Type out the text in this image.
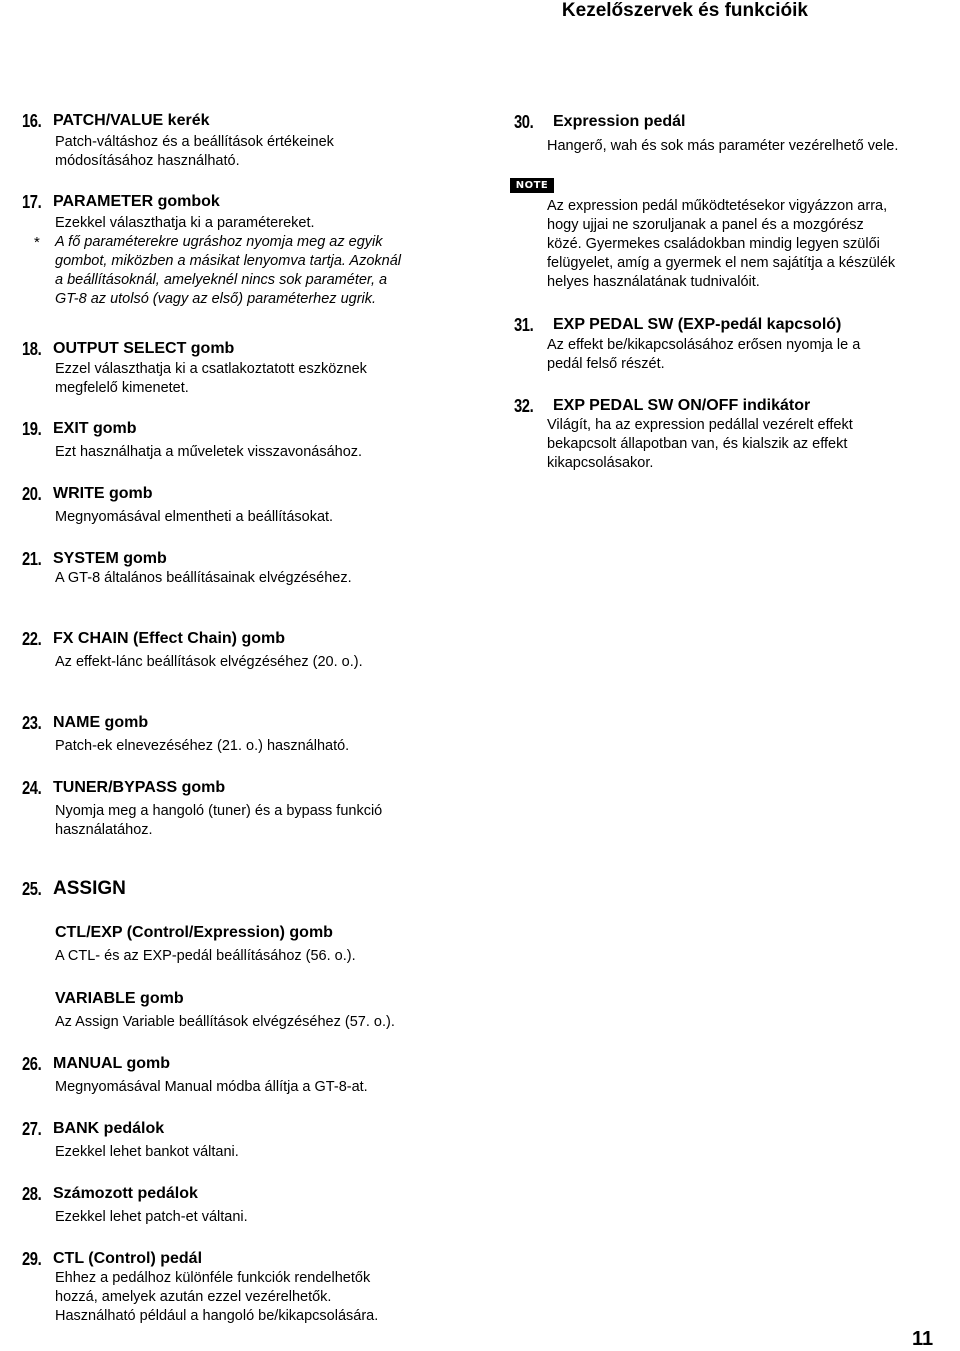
Kezelőszervek és funkcióik
16. PATCH/VALUE kerék
Patch-váltáshoz és a beállítások értékeinek
módosításához használható.
17. PARAMETER gombok
Ezekkel választhatja ki a paramétereket.
* A fő paraméterekre ugráshoz nyomja meg az egyik
gombot, miközben a másikat lenyomva tartja. Azoknál
a beállításoknál, amelyeknél nincs sok paraméter, a
GT-8 az utolsó (vagy az első) paraméterhez ugrik.
18. OUTPUT SELECT gomb
Ezzel választhatja ki a csatlakoztatott eszköznek
megfelelő kimenetet.
19. EXIT gomb
Ezt használhatja a műveletek visszavonásához.
20. WRITE gomb
Megnyomásával elmentheti a beállításokat.
21. SYSTEM gomb
A GT-8 általános beállításainak elvégzéséhez.
22. FX CHAIN (Effect Chain) gomb
Az effekt-lánc beállítások elvégzéséhez (20. o.).
23. NAME gomb
Patch-ek elnevezéséhez (21. o.) használható.
24. TUNER/BYPASS gomb
Nyomja meg a hangoló (tuner) és a bypass funkció
használatához.
25. ASSIGN
CTL/EXP (Control/Expression) gomb
A CTL- és az EXP-pedál beállításához (56. o.).
VARIABLE gomb
Az Assign Variable beállítások elvégzéséhez (57. o.).
26. MANUAL gomb
Megnyomásával Manual módba állítja a GT-8-at.
27. BANK pedálok
Ezekkel lehet bankot váltani.
28. Számozott pedálok
Ezekkel lehet patch-et váltani.
29. CTL (Control) pedál
Ehhez a pedálhoz különféle funkciók rendelhetők
hozzá, amelyek azután ezzel vezérelhetők.
Használható például a hangoló be/kikapcsolására.
30. Expression pedál
Hangerő, wah és sok más paraméter vezérelhető vele.
NOTE
Az expression pedál működtetésekor vigyázzon arra,
hogy ujjai ne szoruljanak a panel és a mozgórész
közé. Gyermekes családokban mindig legyen szülői
felügyelet, amíg a gyermek el nem sajátítja a készülék
helyes használatának tudnivalóit.
31. EXP PEDAL SW (EXP-pedál kapcsoló)
Az effekt be/kikapcsolásához erősen nyomja le a
pedál felső részét.
32. EXP PEDAL SW ON/OFF indikátor
Világít, ha az expression pedállal vezérelt effekt
bekapcsolt állapotban van, és kialszik az effekt
kikapcsolásakor.
11
